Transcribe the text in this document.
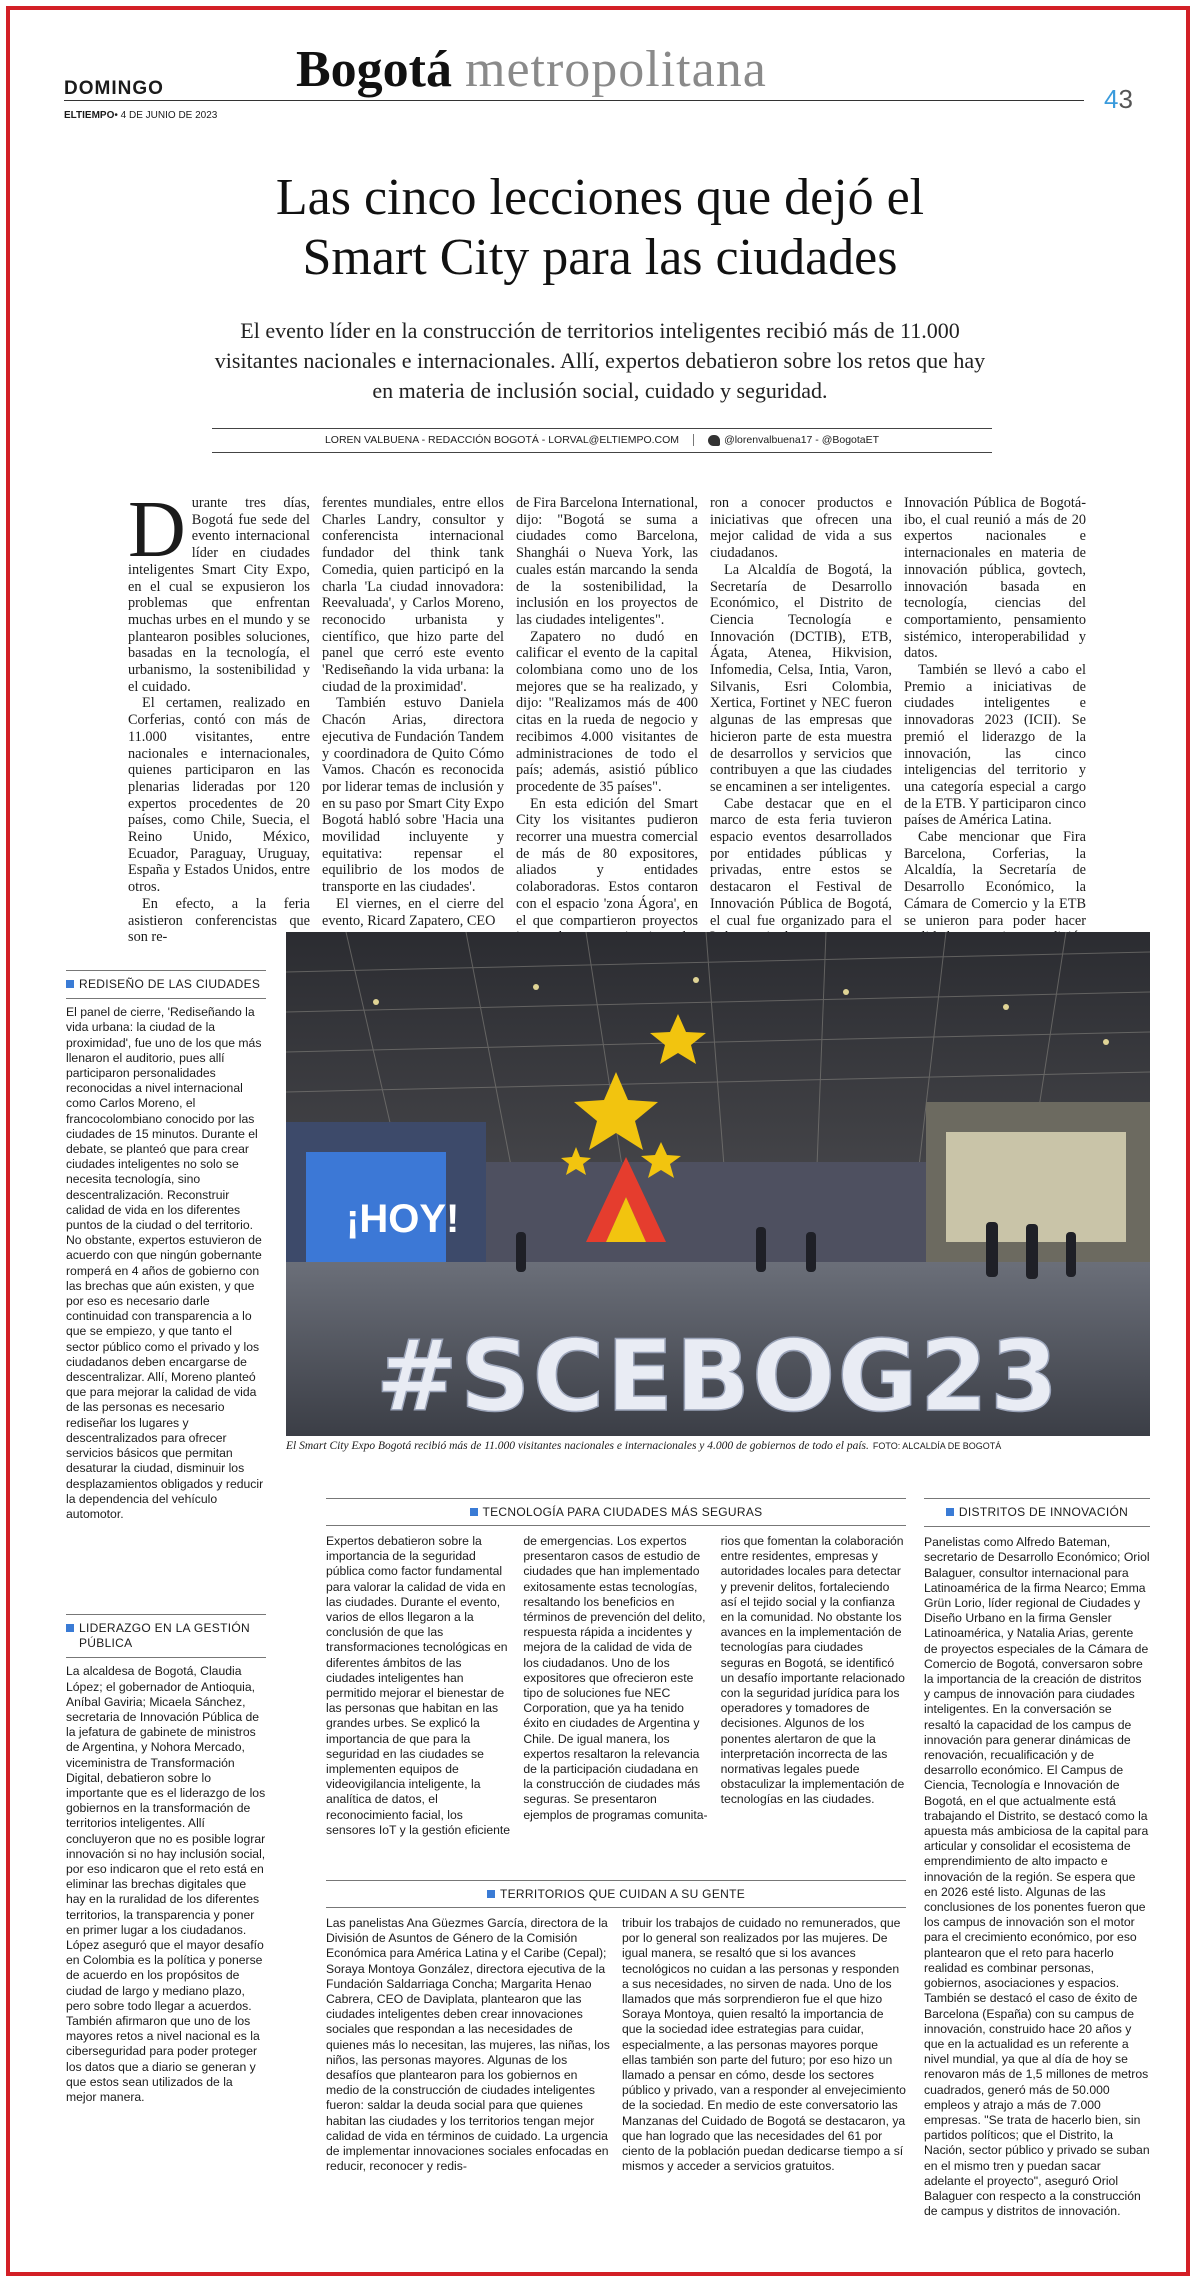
DOMINGO
ELTIEMPO• 4 DE JUNIO DE 2023
Bogotá metropolitana
43
Las cinco lecciones que dejó el
Smart City para las ciudades
El evento líder en la construcción de territorios inteligentes recibió más de 11.000 visitantes nacionales e internacionales. Allí, expertos debatieron sobre los retos que hay en materia de inclusión social, cuidado y seguridad.
LOREN VALBUENA - REDACCIÓN BOGOTÁ - LORVAL@ELTIEMPO.COM	@lorenvalbuena17 - @BogotaET

Durante tres días, Bogotá fue sede del evento internacional líder en ciudades inteligentes Smart City Expo, en el cual se expusieron los problemas que enfrentan muchas urbes en el mundo y se plantearon posibles soluciones, basadas en la tecnología, el urbanismo, la sostenibilidad y el cuidado.

El certamen, realizado en Corferias, contó con más de 11.000 visitantes, entre nacionales e internacionales, quienes participaron en las plenarias lideradas por 120 expertos procedentes de 20 países, como Chile, Suecia, el Reino Unido, México, Ecuador, Paraguay, Uruguay, España y Estados Unidos, entre otros.

En efecto, a la feria asistieron conferencistas que son re-

ferentes mundiales, entre ellos Charles Landry, consultor y conferencista internacional fundador del think tank Comedia, quien participó en la charla 'La ciudad innovadora: Reevaluada', y Carlos Moreno, reconocido urbanista y científico, que hizo parte del panel que cerró este evento 'Rediseñando la vida urbana: la ciudad de la proximidad'.

También estuvo Daniela Chacón Arias, directora ejecutiva de Fundación Tandem y coordinadora de Quito Cómo Vamos. Chacón es reconocida por liderar temas de inclusión y en su paso por Smart City Expo Bogotá habló sobre 'Hacia una movilidad incluyente y equitativa: repensar el equilibrio de los modos de transporte en las ciudades'.

El viernes, en el cierre del evento, Ricard Zapatero, CEO

de Fira Barcelona International, dijo: "Bogotá se suma a ciudades como Barcelona, Shanghái o Nueva York, las cuales están marcando la senda de la sostenibilidad, la inclusión en los proyectos de las ciudades inteligentes".

Zapatero no dudó en calificar el evento de la capital colombiana como uno de los mejores que se ha realizado, y dijo: "Realizamos más de 400 citas en la rueda de negocio y recibimos 4.000 visitantes de administraciones de todo el país; además, asistió público procedente de 35 países".

En esta edición del Smart City los visitantes pudieron recorrer una muestra comercial de más de 80 expositores, aliados y entidades colaboradoras. Estos contaron con el espacio 'zona Ágora', en el que compartieron proyectos

ron a conocer productos e iniciativas que ofrecen una mejor calidad de vida a sus ciudadanos.

La Alcaldía de Bogotá, la Secretaría de Desarrollo Económico, el Distrito de Ciencia Tecnología e Innovación (DCTIB), ETB, Ágata, Atenea, Hikvision, Infomedia, Celsa, Intia, Varon, Silvanis, Esri Colombia, Xertica, Fortinet y NEC fueron algunas de las empresas que hicieron parte de esta muestra de desarrollos y servicios que contribuyen a que las ciudades se encaminen a ser inteligentes.

Cabe destacar que en el marco de esta feria tuvieron espacio eventos desarrollados por entidades públicas y privadas, entre estos se destacaron el Festival de Innovación Pública de Bogotá, el cual fue organizado para el

Innovación Pública de Bogotá-ibo, el cual reunió a más de 20 expertos nacionales e internacionales en materia de innovación pública, govtech, innovación basada en tecnología, ciencias del comportamiento, pensamiento sistémico, interoperabilidad y datos.

También se llevó a cabo el Premio a iniciativas de ciudades inteligentes e innovadoras 2023 (ICII). Se premió el liderazgo de la innovación, las cinco inteligencias del territorio y una categoría especial a cargo de la ETB. Y participaron cinco países de América Latina.

Cabe mencionar que Fira Barcelona, Corferias, la Alcaldía, la Secretaría de Desarrollo Económico, la Cámara de Comercio y la ETB se unieron para poder hacer

¡HOY!
#SCEBOG23
El Smart City Expo Bogotá recibió más de 11.000 visitantes nacionales e internacionales y 4.000 de gobiernos de todo el país. FOTO: ALCALDÍA DE BOGOTÁ
REDISEÑO DE LAS CIUDADES
El panel de cierre, 'Rediseñando la vida urbana: la ciudad de la proximidad', fue uno de los que más llenaron el auditorio, pues allí participaron personalidades reconocidas a nivel internacional como Carlos Moreno, el francocolombiano conocido por las ciudades de 15 minutos. Durante el debate, se planteó que para crear ciudades inteligentes no solo se necesita tecnología, sino descentralización. Reconstruir calidad de vida en los diferentes puntos de la ciudad o del territorio. No obstante, expertos estuvieron de acuerdo con que ningún gobernante romperá en 4 años de gobierno con las brechas que aún existen, y que por eso es necesario darle continuidad con transparencia a lo que se empiezo, y que tanto el sector público como el privado y los ciudadanos deben encargarse de descentralizar. Allí, Moreno planteó que para mejorar la calidad de vida de las personas es necesario rediseñar los lugares y descentralizados para ofrecer servicios básicos que permitan desaturar la ciudad, disminuir los desplazamientos obligados y reducir la dependencia del vehículo automotor.
LIDERAZGO EN LA GESTIÓN PÚBLICA
La alcaldesa de Bogotá, Claudia López; el gobernador de Antioquia, Aníbal Gaviria; Micaela Sánchez, secretaria de Innovación Pública de la jefatura de gabinete de ministros de Argentina, y Nohora Mercado, viceministra de Transformación Digital, debatieron sobre lo importante que es el liderazgo de los gobiernos en la transformación de territorios inteligentes. Allí concluyeron que no es posible lograr innovación si no hay inclusión social, por eso indicaron que el reto está en eliminar las brechas digitales que hay en la ruralidad de los diferentes territorios, la transparencia y poner en primer lugar a los ciudadanos. López aseguró que el mayor desafío en Colombia es la política y ponerse de acuerdo en los propósitos de ciudad de largo y mediano plazo, pero sobre todo llegar a acuerdos. También afirmaron que uno de los mayores retos a nivel nacional es la ciberseguridad para poder proteger los datos que a diario se generan y que estos sean utilizados de la mejor manera.
TECNOLOGÍA PARA CIUDADES MÁS SEGURAS
Expertos debatieron sobre la importancia de la seguridad pública como factor fundamental para valorar la calidad de vida en las ciudades. Durante el evento, varios de ellos llegaron a la conclusión de que las transformaciones tecnológicas en diferentes ámbitos de las ciudades inteligentes han permitido mejorar el bienestar de las personas que habitan en las grandes urbes. Se explicó la importancia de que para la seguridad en las ciudades se implementen equipos de videovigilancia inteligente, la analítica de datos, el reconocimiento facial, los sensores IoT y la gestión eficiente
de emergencias. Los expertos presentaron casos de estudio de ciudades que han implementado exitosamente estas tecnologías, resaltando los beneficios en términos de prevención del delito, respuesta rápida a incidentes y mejora de la calidad de vida de los ciudadanos. Uno de los expositores que ofrecieron este tipo de soluciones fue NEC Corporation, que ya ha tenido éxito en ciudades de Argentina y Chile. De igual manera, los expertos resaltaron la relevancia de la participación ciudadana en la construcción de ciudades más seguras. Se presentaron ejemplos de programas comunita-
rios que fomentan la colaboración entre residentes, empresas y autoridades locales para detectar y prevenir delitos, fortaleciendo así el tejido social y la confianza en la comunidad. No obstante los avances en la implementación de tecnologías para ciudades seguras en Bogotá, se identificó un desafío importante relacionado con la seguridad jurídica para los operadores y tomadores de decisiones. Algunos de los ponentes alertaron de que la interpretación incorrecta de las normativas legales puede obstaculizar la implementación de tecnologías en las ciudades.
TERRITORIOS QUE CUIDAN A SU GENTE
Las panelistas Ana Güezmes García, directora de la División de Asuntos de Género de la Comisión Económica para América Latina y el Caribe (Cepal); Soraya Montoya González, directora ejecutiva de la Fundación Saldarriaga Concha; Margarita Henao Cabrera, CEO de Daviplata, plantearon que las ciudades inteligentes deben crear innovaciones sociales que respondan a las necesidades de quienes más lo necesitan, las mujeres, las niñas, los niños, las personas mayores. Algunas de los desafíos que plantearon para los gobiernos en medio de la construcción de ciudades inteligentes fueron: saldar la deuda social para que quienes habitan las ciudades y los territorios tengan mejor calidad de vida en términos de cuidado. La urgencia de implementar innovaciones sociales enfocadas en reducir, reconocer y redis-
tribuir los trabajos de cuidado no remunerados, que por lo general son realizados por las mujeres. De igual manera, se resaltó que si los avances tecnológicos no cuidan a las personas y responden a sus necesidades, no sirven de nada. Uno de los llamados que más sorprendieron fue el que hizo Soraya Montoya, quien resaltó la importancia de que la sociedad idee estrategias para cuidar, especialmente, a las personas mayores porque ellas también son parte del futuro; por eso hizo un llamado a pensar en cómo, desde los sectores público y privado, van a responder al envejecimiento de la sociedad. En medio de este conversatorio las Manzanas del Cuidado de Bogotá se destacaron, ya que han logrado que las necesidades del 61 por ciento de la población puedan dedicarse tiempo a sí mismos y acceder a servicios gratuitos.
DISTRITOS DE INNOVACIÓN
Panelistas como Alfredo Bateman, secretario de Desarrollo Económico; Oriol Balaguer, consultor internacional para Latinoamérica de la firma Nearco; Emma Grün Lorio, líder regional de Ciudades y Diseño Urbano en la firma Gensler Latinoamérica, y Natalia Arias, gerente de proyectos especiales de la Cámara de Comercio de Bogotá, conversaron sobre la importancia de la creación de distritos y campus de innovación para ciudades inteligentes. En la conversación se resaltó la capacidad de los campus de innovación para generar dinámicas de renovación, recualificación y de desarrollo económico. El Campus de Ciencia, Tecnología e Innovación de Bogotá, en el que actualmente está trabajando el Distrito, se destacó como la apuesta más ambiciosa de la capital para articular y consolidar el ecosistema de emprendimiento de alto impacto e innovación de la región. Se espera que en 2026 esté listo. Algunas de las conclusiones de los ponentes fueron que los campus de innovación son el motor para el crecimiento económico, por eso plantearon que el reto para hacerlo realidad es combinar personas, gobiernos, asociaciones y espacios. También se destacó el caso de éxito de Barcelona (España) con su campus de innovación, construido hace 20 años y que en la actualidad es un referente a nivel mundial, ya que al día de hoy se renovaron más de 1,5 millones de metros cuadrados, generó más de 50.000 empleos y atrajo a más de 7.000 empresas. "Se trata de hacerlo bien, sin partidos políticos; que el Distrito, la Nación, sector público y privado se suban en el mismo tren y puedan sacar adelante el proyecto", aseguró Oriol Balaguer con respecto a la construcción de campus y distritos de innovación.
